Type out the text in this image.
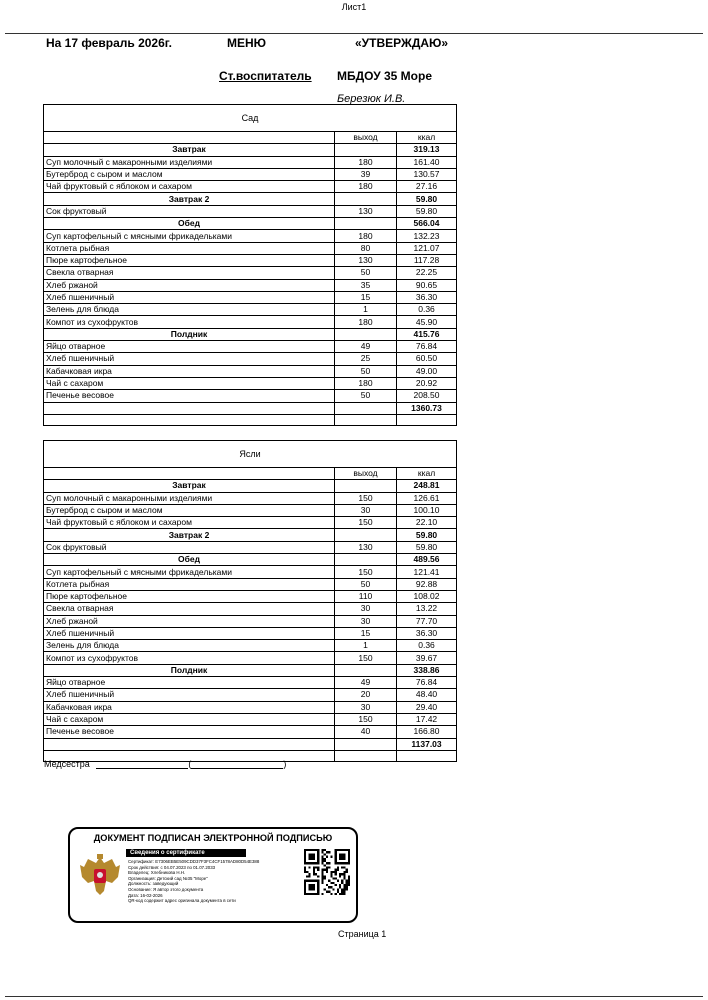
Лист1
На 17 февраль 2026г.	МЕНЮ	«УТВЕРЖДАЮ»
Ст.воспитатель МБДОУ 35 Море
Березюк И.В.
Сад		
	выход	ккал
Завтрак		319.13
Суп молочный с макаронными изделиями	180	161.40
Бутерброд с сыром и маслом	39	130.57
Чай фруктовый с яблоком и сахаром	180	27.16
Завтрак 2		59.80
Сок фруктовый	130	59.80
Обед		566.04
Суп картофельный с мясными фрикадельками	180	132.23
Котлета рыбная	80	121.07
Пюре картофельное	130	117.28
Свекла отварная	50	22.25
Хлеб ржаной	35	90.65
Хлеб пшеничный	15	36.30
Зелень для блюда	1	0.36
Компот из сухофруктов	180	45.90
Полдник		415.76
Яйцо отварное	49	76.84
Хлеб пшеничный	25	60.50
Кабачковая икра	50	49.00
Чай с сахаром	180	20.92
Печенье весовое	50	208.50
		1360.73

Ясли		
	выход	ккал
Завтрак		248.81
Суп молочный с макаронными изделиями	150	126.61
Бутерброд с сыром и маслом	30	100.10
Чай фруктовый с яблоком и сахаром	150	22.10
Завтрак 2		59.80
Сок фруктовый	130	59.80
Обед		489.56
Суп картофельный с мясными фрикадельками	150	121.41
Котлета рыбная	50	92.88
Пюре картофельное	110	108.02
Свекла отварная	30	13.22
Хлеб ржаной	30	77.70
Хлеб пшеничный	15	36.30
Зелень для блюда	1	0.36
Компот из сухофруктов	150	39.67
Полдник		338.86
Яйцо отварное	49	76.84
Хлеб пшеничный	20	48.40
Кабачковая икра	30	29.40
Чай с сахаром	150	17.42
Печенье весовое	40	166.80
		1137.03

Медсестра	(	)
ДОКУМЕНТ ПОДПИСАН ЭЛЕКТРОННОЙ ПОДПИСЬЮ
Сведения о сертификате
Сертификат: E7306EB5E509CDD37F3FC4CF1578AD80D54E388
Срок действия: с 04.07.2023 по 01.07.2033
Владелец: Хлебникова Н.Н.
Организация: Детский сад №35 "Море"
Должность: заведующий
Основание: Я автор этого документа
Дата: 16-02-2026
QR-код содержит адрес оригинала документа в сети
Страница 1
